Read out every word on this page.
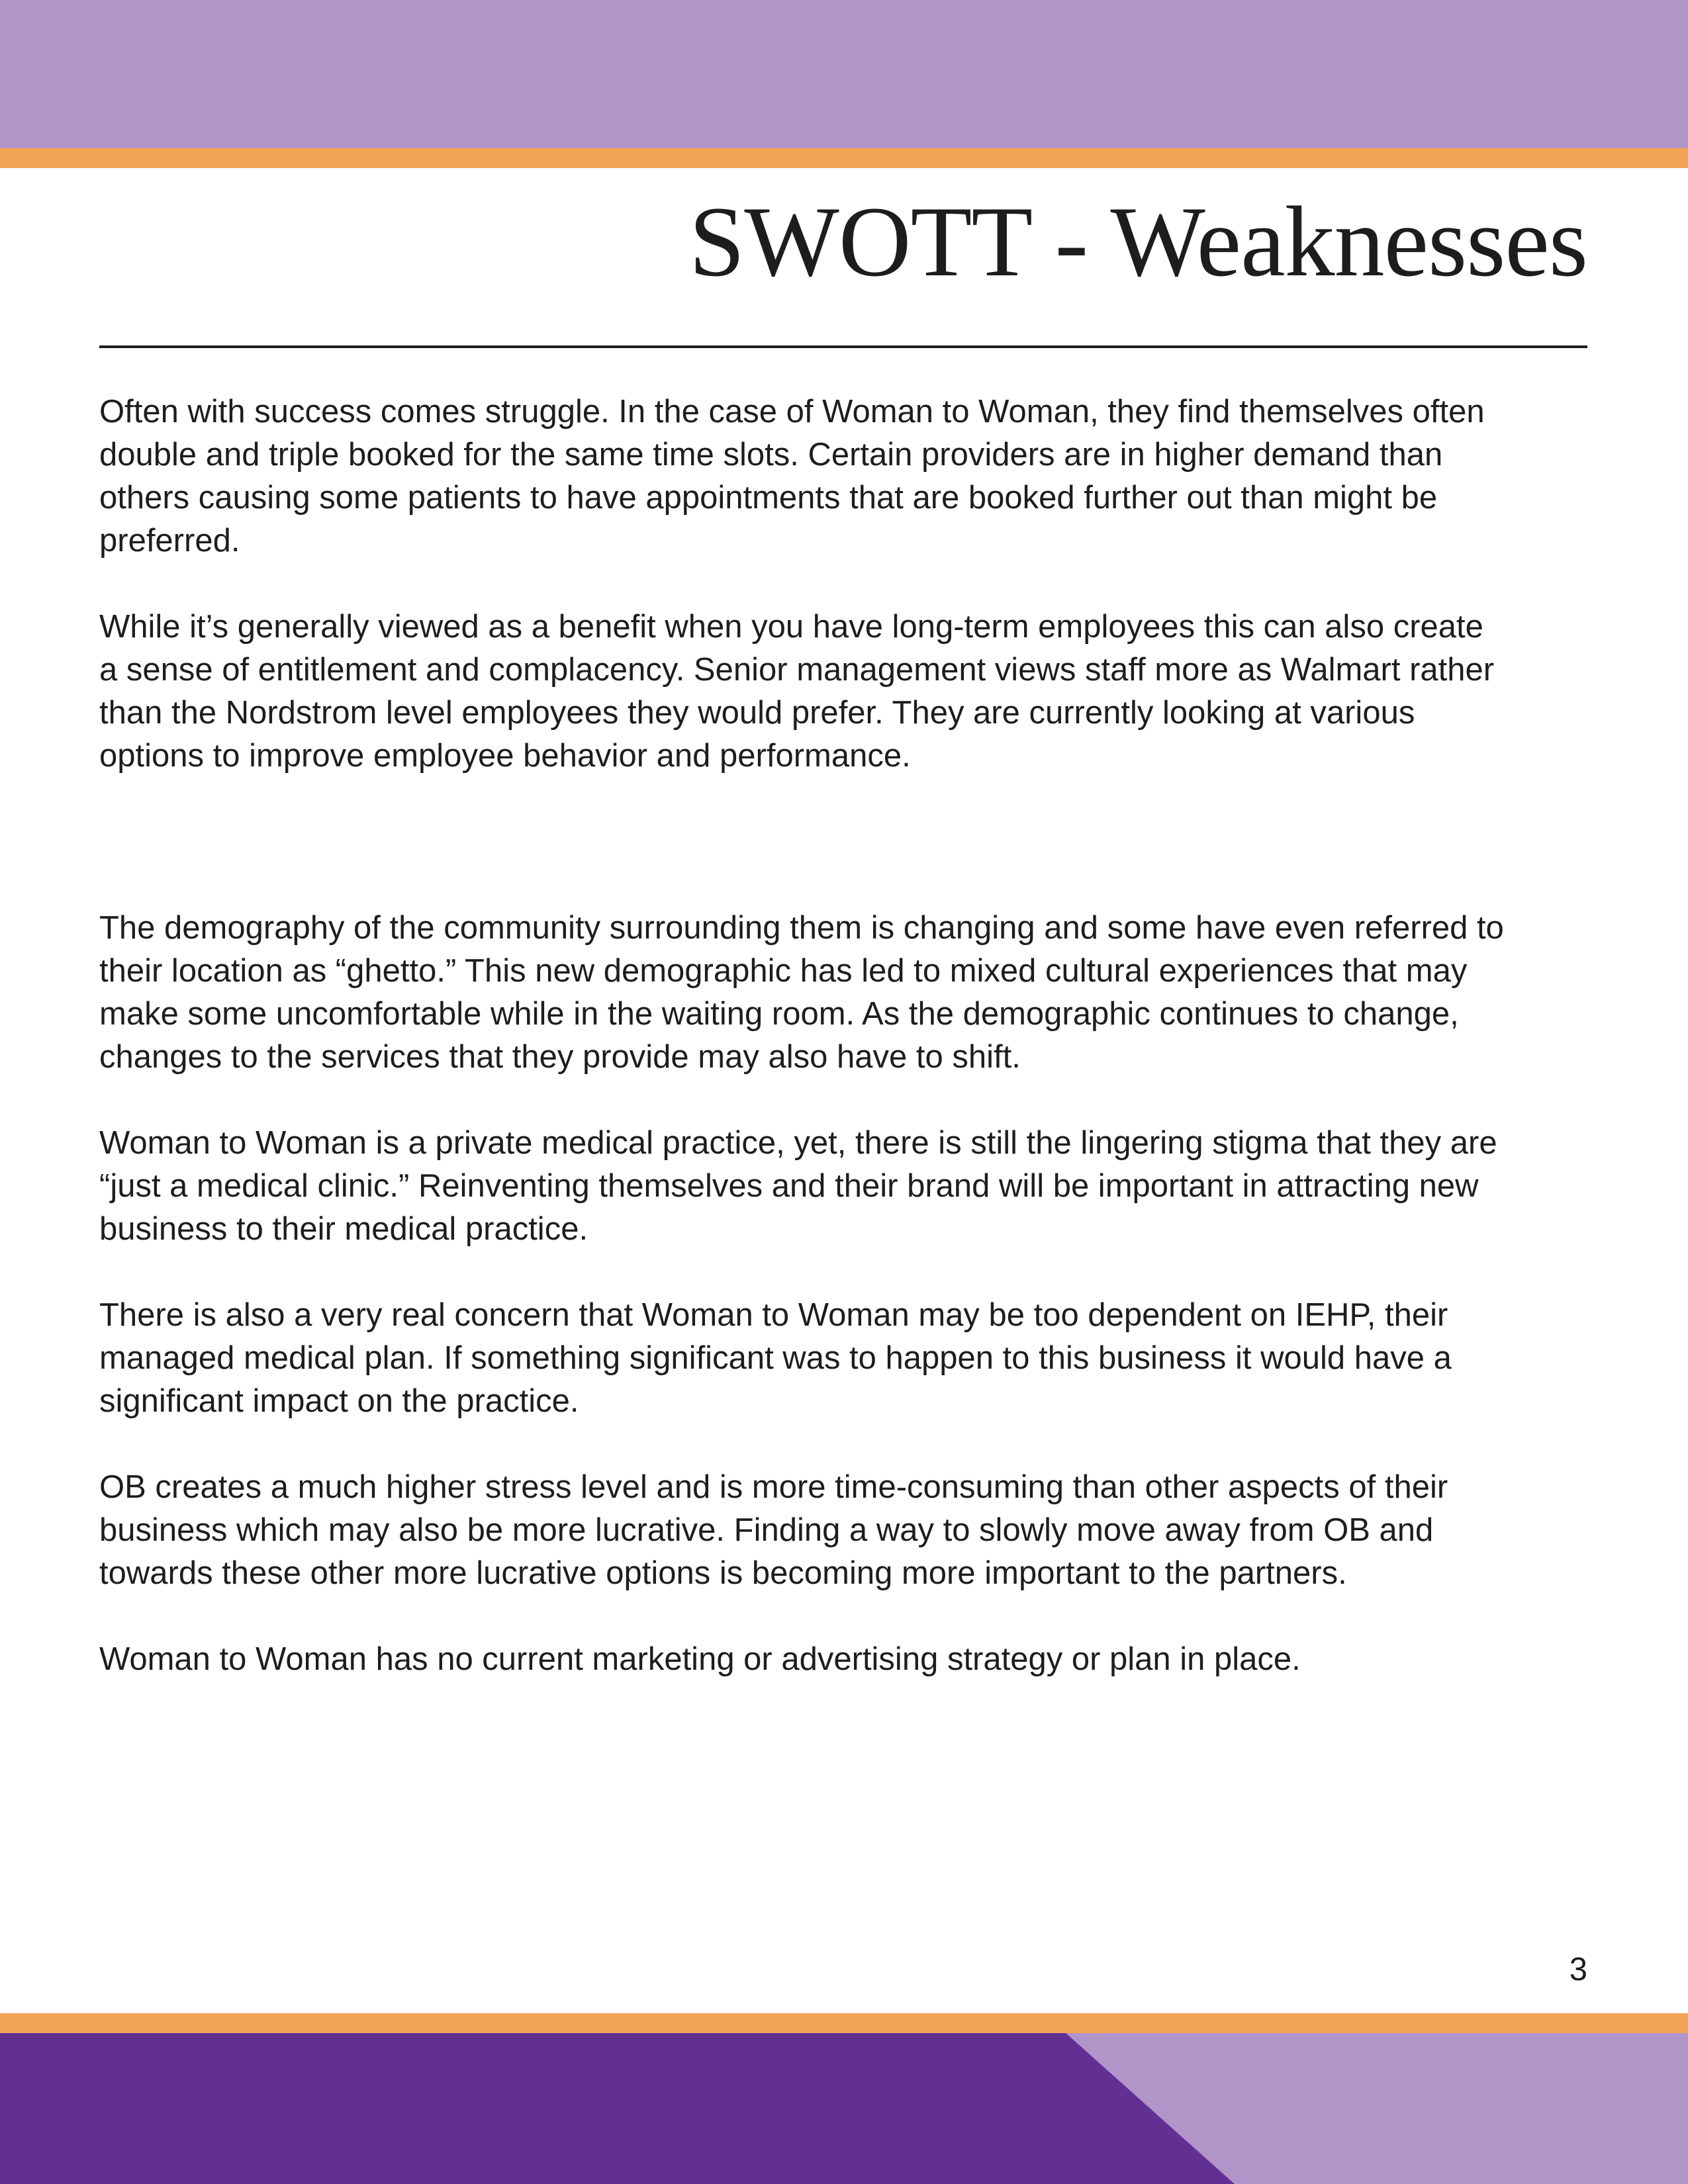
SWOTT - Weaknesses

Often with success comes struggle. In the case of Woman to Woman, they find themselves often
double and triple booked for the same time slots. Certain providers are in higher demand than
others causing some patients to have appointments that are booked further out than might be
preferred.

While it’s generally viewed as a benefit when you have long-term employees this can also create
a sense of entitlement and complacency. Senior management views staff more as Walmart rather
than the Nordstrom level employees they would prefer. They are currently looking at various
options to improve employee behavior and performance.

The demography of the community surrounding them is changing and some have even referred to
their location as “ghetto.” This new demographic has led to mixed cultural experiences that may
make some uncomfortable while in the waiting room. As the demographic continues to change,
changes to the services that they provide may also have to shift.

Woman to Woman is a private medical practice, yet, there is still the lingering stigma that they are
“just a medical clinic.” Reinventing themselves and their brand will be important in attracting new
business to their medical practice.

There is also a very real concern that Woman to Woman may be too dependent on IEHP, their
managed medical plan. If something significant was to happen to this business it would have a
significant impact on the practice.

OB creates a much higher stress level and is more time-consuming than other aspects of their
business which may also be more lucrative. Finding a way to slowly move away from OB and
towards these other more lucrative options is becoming more important to the partners.

Woman to Woman has no current marketing or advertising strategy or plan in place.

3
